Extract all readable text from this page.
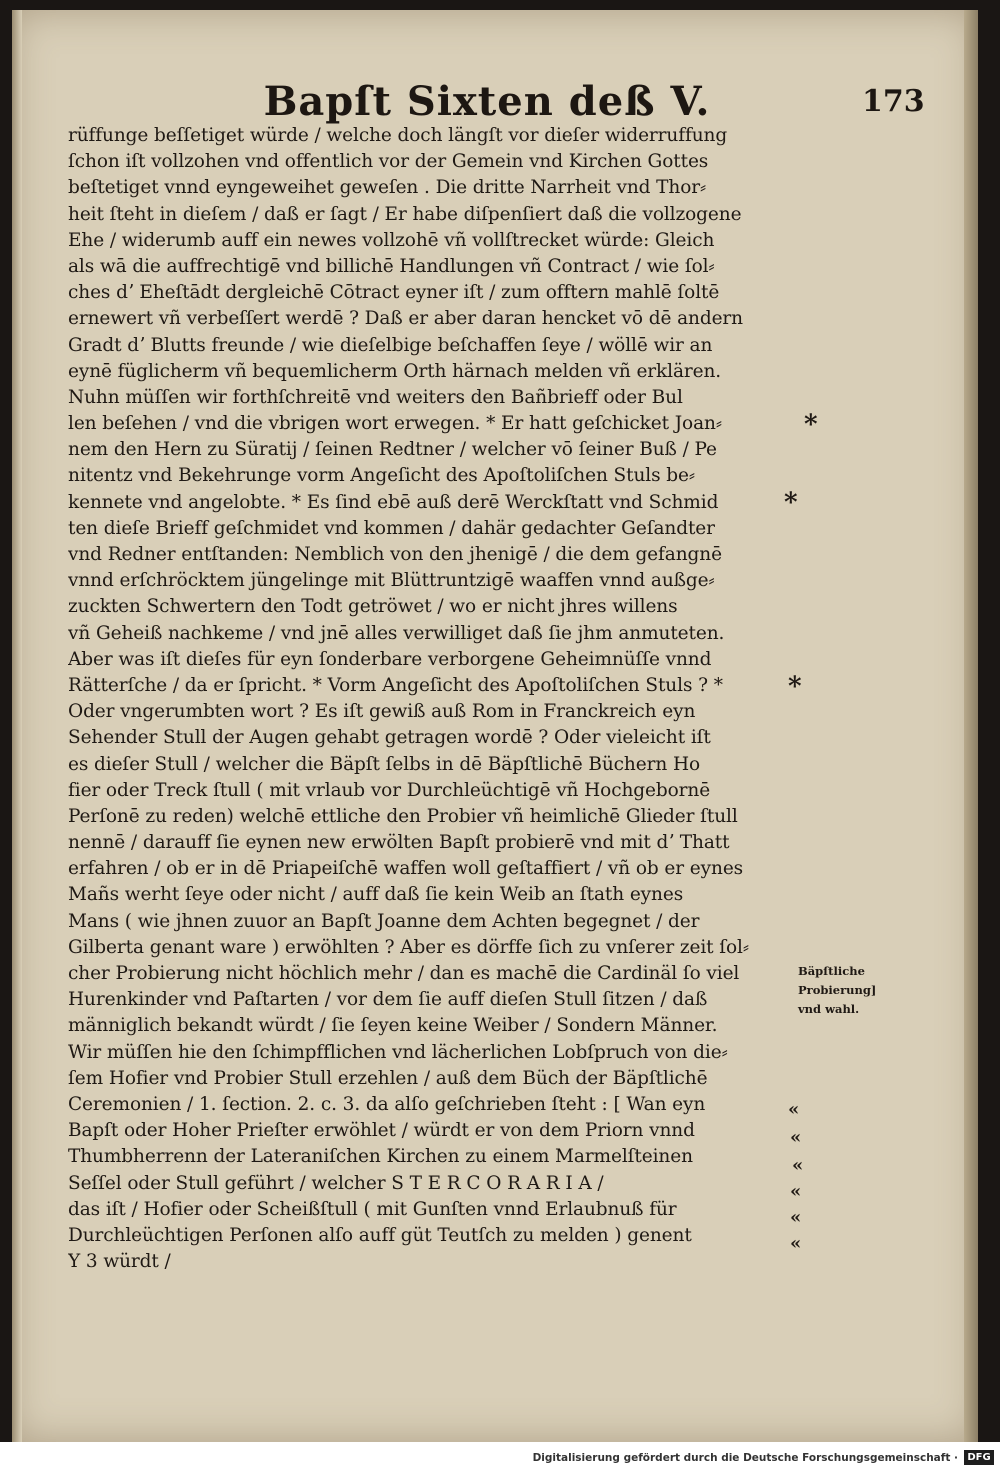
Bapſt Sixten deß V.	173
rüffunge beſſetiget würde / welche doch längſt vor dieſer widerruffung
ſchon iſt vollzohen vnd offentlich vor der Gemein vnd Kirchen Gottes
beſtetiget vnnd eyngeweihet geweſen . Die dritte Narrheit vnd Thor⸗
heit ſteht in dieſem / daß er ſagt / Er habe diſpenſiert daß die vollzogene
Ehe / widerumb auff ein newes vollzohē vñ vollſtrecket würde: Gleich
als wā die auffrechtigē vnd billichē Handlungen vñ Contract / wie ſol⸗
ches dʼ Eheſtādt dergleichē Cōtract eyner iſt / zum offtern mahlē ſoltē
ernewert vñ verbeſſert werdē ? Daß er aber daran hencket vō dē andern
Gradt dʼ Blutts freunde / wie dieſelbige beſchaffen ſeye / wöllē wir an
eynē füglicherm vñ bequemlicherm Orth härnach melden vñ erklären.
Nuhn müſſen wir forthſchreitē vnd weiters den Bañbrieff oder Bul
len beſehen / vnd die vbrigen wort erwegen. * Er hatt geſchicket Joan⸗
nem den Hern zu Süratij / ſeinen Redtner / welcher vō ſeiner Buß / Pe
nitentz vnd Bekehrunge vorm Angeſicht des Apoſtoliſchen Stuls be⸗
kennete vnd angelobte. * Es ſind ebē auß derē Werckſtatt vnd Schmid
ten dieſe Brieff geſchmidet vnd kommen / dahär gedachter Geſandter
vnd Redner entſtanden: Nemblich von den jhenigē / die dem gefangnē
vnnd erſchröcktem jüngelinge mit Blüttruntzigē waaffen vnnd außge⸗
zuckten Schwertern den Todt getröwet / wo er nicht jhres willens
vñ Geheiß nachkeme / vnd jnē alles verwilliget daß ſie jhm anmuteten.
Aber was iſt dieſes für eyn ſonderbare verborgene Geheimnüſſe vnnd
Rätterſche / da er ſpricht. * Vorm Angeſicht des Apoſtoliſchen Stuls ? *
Oder vngerumbten wort ? Es iſt gewiß auß Rom in Franckreich eyn
Sehender Stull der Augen gehabt getragen wordē ? Oder vieleicht iſt
es dieſer Stull / welcher die Bäpſt ſelbs in dē Bäpſtlichē Büchern Ho
fier oder Treck ſtull ( mit vrlaub vor Durchleüchtigē vñ Hochgebornē
Perſonē zu reden) welchē ettliche den Probier vñ heimlichē Glieder ſtull
nennē / darauff ſie eynen new erwölten Bapſt probierē vnd mit dʼ Thatt
erfahren / ob er in dē Priapeiſchē waffen woll geſtaffiert / vñ ob er eynes
Mañs werht ſeye oder nicht / auff daß ſie kein Weib an ſtath eynes
Mans ( wie jhnen zuuor an Bapſt Joanne dem Achten begegnet / der
Gilberta genant ware ) erwöhlten ? Aber es dörffe ſich zu vnſerer zeit ſol⸗
cher Probierung nicht höchlich mehr / dan es machē die Cardinäl ſo viel
Hurenkinder vnd Paſtarten / vor dem ſie auff dieſen Stull ſitzen / daß
männiglich bekandt würdt / ſie ſeyen keine Weiber / Sondern Männer.
Wir müſſen hie den ſchimpfflichen vnd lächerlichen Lobſpruch von die⸗
ſem Hofier vnd Probier Stull erzehlen / auß dem Büch der Bäpſtlichē
Ceremonien / 1. ſection. 2. c. 3. da alſo geſchrieben ſteht : [ Wan eyn
Bapſt oder Hoher Prieſter erwöhlet / würdt er von dem Priorn vnnd
Thumbherrenn der Lateraniſchen Kirchen zu einem Marmelſteinen
Seſſel oder Stull geführt / welcher S T E R C O R A R I A /
das iſt / Hofier oder Scheißſtull ( mit Gunſten vnnd Erlaubnuß für
Durchleüchtigen Perſonen alſo auff güt Teutſch zu melden ) genent
Y 3 würdt /
*
*
*
Bäpſtliche
Probierung]
vnd wahl.
«
«
«
«
«
«
Digitalisierung gefördert durch die Deutsche Forschungsgemeinschaft · DFG
